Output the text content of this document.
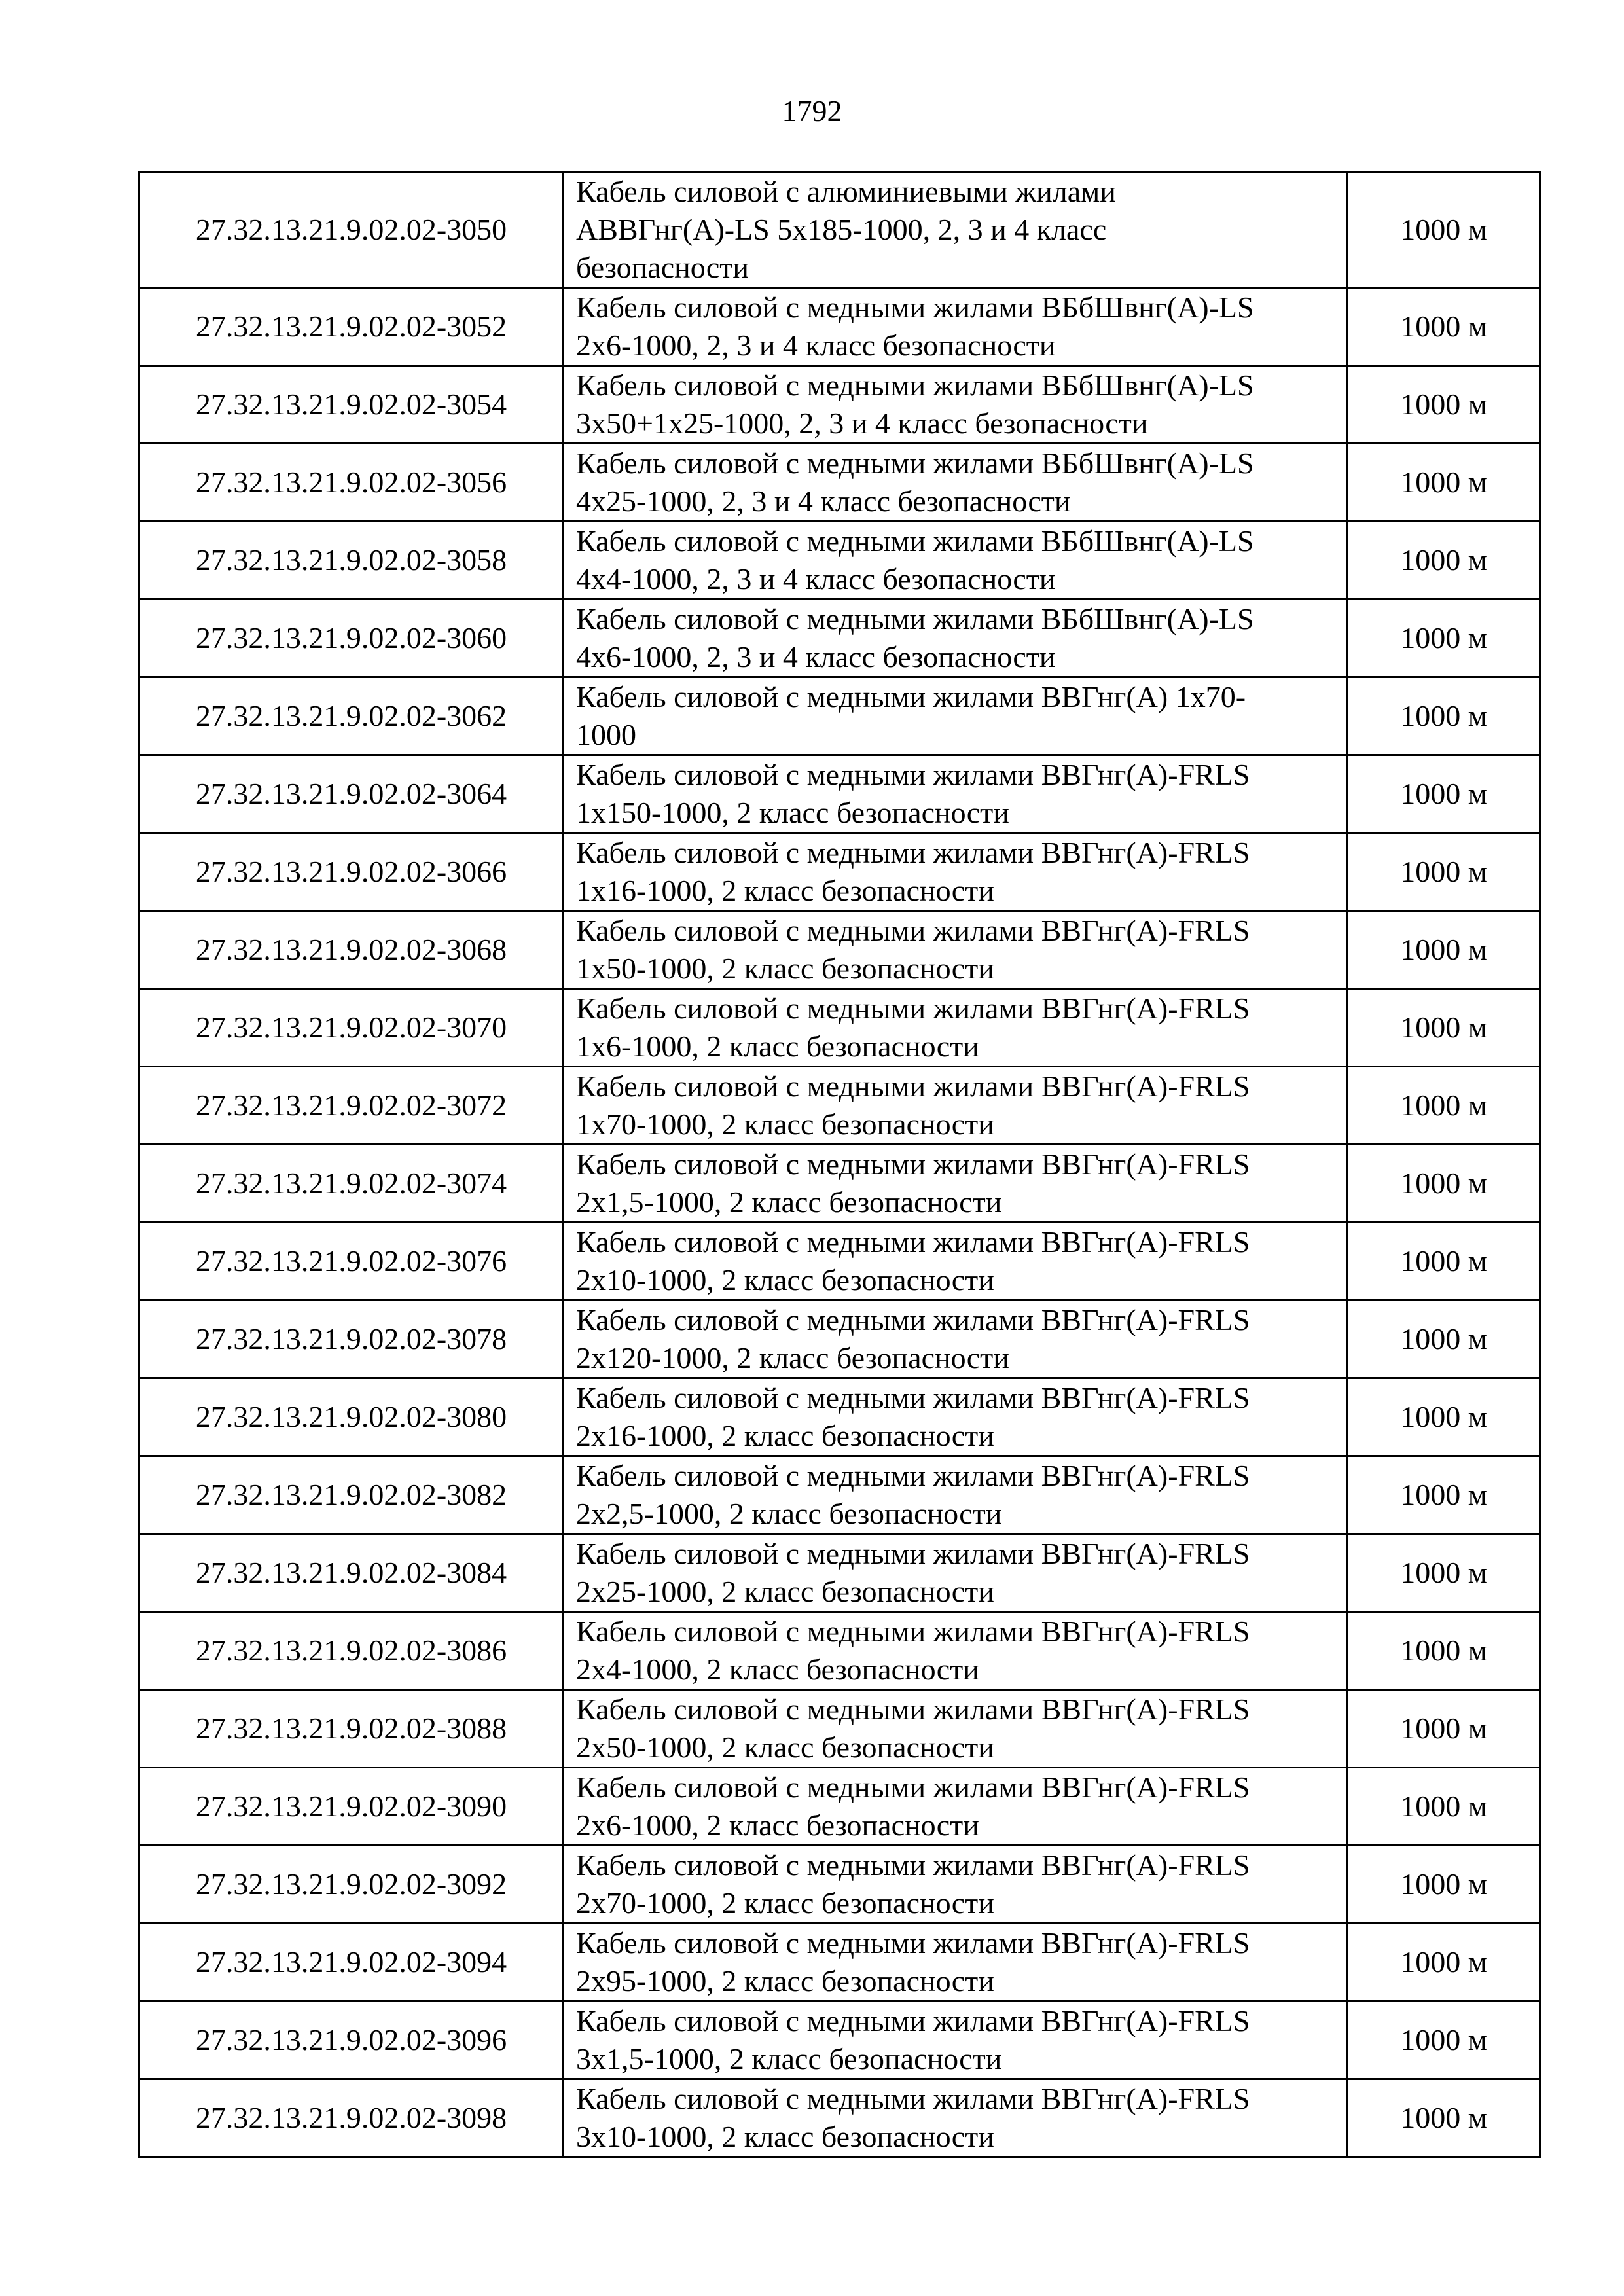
1792
27.32.13.21.9.02.02-3050	Кабель силовой с алюминиевыми жилами
АВВГнг(А)-LS 5х185-1000, 2, 3 и 4 класс
безопасности	1000 м
27.32.13.21.9.02.02-3052	Кабель силовой с медными жилами ВБбШвнг(А)-LS
2х6-1000, 2, 3 и 4 класс безопасности	1000 м
27.32.13.21.9.02.02-3054	Кабель силовой с медными жилами ВБбШвнг(А)-LS
3х50+1х25-1000, 2, 3 и 4 класс безопасности	1000 м
27.32.13.21.9.02.02-3056	Кабель силовой с медными жилами ВБбШвнг(А)-LS
4х25-1000, 2, 3 и 4 класс безопасности	1000 м
27.32.13.21.9.02.02-3058	Кабель силовой с медными жилами ВБбШвнг(А)-LS
4х4-1000, 2, 3 и 4 класс безопасности	1000 м
27.32.13.21.9.02.02-3060	Кабель силовой с медными жилами ВБбШвнг(А)-LS
4х6-1000, 2, 3 и 4 класс безопасности	1000 м
27.32.13.21.9.02.02-3062	Кабель силовой с медными жилами ВВГнг(А) 1х70-
1000	1000 м
27.32.13.21.9.02.02-3064	Кабель силовой с медными жилами ВВГнг(А)-FRLS
1х150-1000, 2 класс безопасности	1000 м
27.32.13.21.9.02.02-3066	Кабель силовой с медными жилами ВВГнг(А)-FRLS
1х16-1000, 2 класс безопасности	1000 м
27.32.13.21.9.02.02-3068	Кабель силовой с медными жилами ВВГнг(А)-FRLS
1х50-1000, 2 класс безопасности	1000 м
27.32.13.21.9.02.02-3070	Кабель силовой с медными жилами ВВГнг(А)-FRLS
1х6-1000, 2 класс безопасности	1000 м
27.32.13.21.9.02.02-3072	Кабель силовой с медными жилами ВВГнг(А)-FRLS
1х70-1000, 2 класс безопасности	1000 м
27.32.13.21.9.02.02-3074	Кабель силовой с медными жилами ВВГнг(А)-FRLS
2х1,5-1000, 2 класс безопасности	1000 м
27.32.13.21.9.02.02-3076	Кабель силовой с медными жилами ВВГнг(А)-FRLS
2х10-1000, 2 класс безопасности	1000 м
27.32.13.21.9.02.02-3078	Кабель силовой с медными жилами ВВГнг(А)-FRLS
2х120-1000, 2 класс безопасности	1000 м
27.32.13.21.9.02.02-3080	Кабель силовой с медными жилами ВВГнг(А)-FRLS
2х16-1000, 2 класс безопасности	1000 м
27.32.13.21.9.02.02-3082	Кабель силовой с медными жилами ВВГнг(А)-FRLS
2х2,5-1000, 2 класс безопасности	1000 м
27.32.13.21.9.02.02-3084	Кабель силовой с медными жилами ВВГнг(А)-FRLS
2х25-1000, 2 класс безопасности	1000 м
27.32.13.21.9.02.02-3086	Кабель силовой с медными жилами ВВГнг(А)-FRLS
2х4-1000, 2 класс безопасности	1000 м
27.32.13.21.9.02.02-3088	Кабель силовой с медными жилами ВВГнг(А)-FRLS
2х50-1000, 2 класс безопасности	1000 м
27.32.13.21.9.02.02-3090	Кабель силовой с медными жилами ВВГнг(А)-FRLS
2х6-1000, 2 класс безопасности	1000 м
27.32.13.21.9.02.02-3092	Кабель силовой с медными жилами ВВГнг(А)-FRLS
2х70-1000, 2 класс безопасности	1000 м
27.32.13.21.9.02.02-3094	Кабель силовой с медными жилами ВВГнг(А)-FRLS
2х95-1000, 2 класс безопасности	1000 м
27.32.13.21.9.02.02-3096	Кабель силовой с медными жилами ВВГнг(А)-FRLS
3х1,5-1000, 2 класс безопасности	1000 м
27.32.13.21.9.02.02-3098	Кабель силовой с медными жилами ВВГнг(А)-FRLS
3х10-1000, 2 класс безопасности	1000 м
